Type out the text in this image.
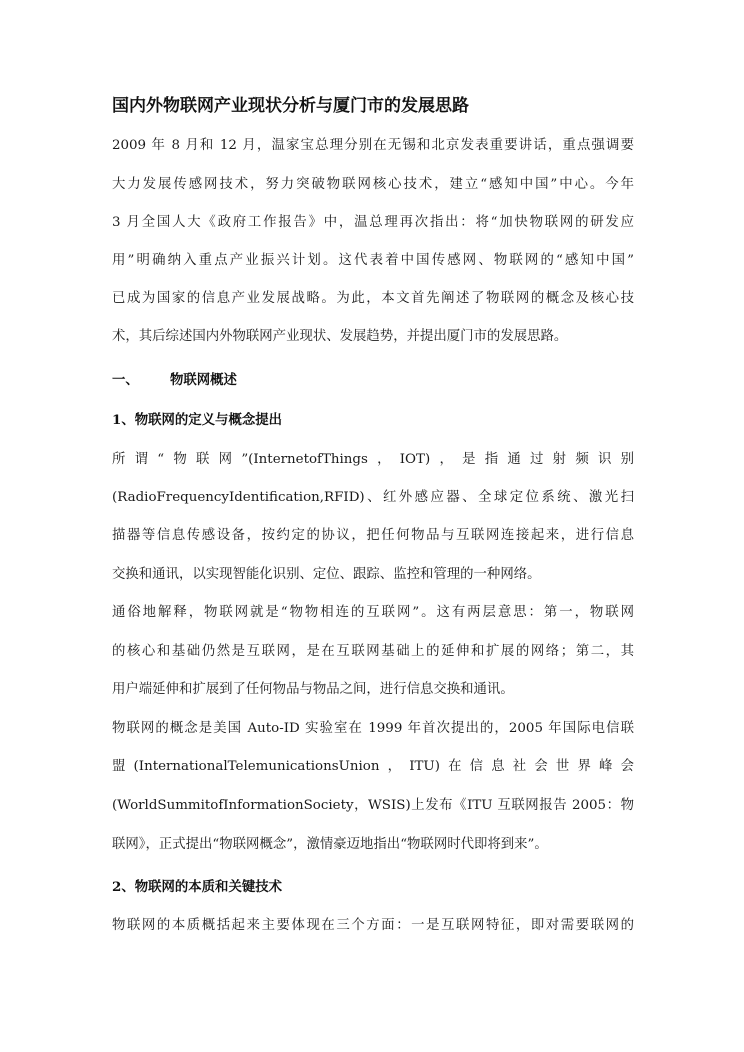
国内外物联网产业现状分析与厦门市的发展思路
2009 年 8 月和 12 月，温家宝总理分别在无锡和北京发表重要讲话，重点强调要
大力发展传感网技术，努力突破物联网核心技术，建立“感知中国”中心。今年
3 月全国人大《政府工作报告》中，温总理再次指出：将“加快物联网的研发应
用”明确纳入重点产业振兴计划。这代表着中国传感网、物联网的“感知中国”
已成为国家的信息产业发展战略。为此，本文首先阐述了物联网的概念及核心技
术，其后综述国内外物联网产业现状、发展趋势，并提出厦门市的发展思路。
一、 物联网概述
1、物联网的定义与概念提出
所谓“物联网”(InternetofThings，IOT)，是指通过射频识别
(RadioFrequencyIdentification,RFID)、红外感应器、全球定位系统、激光扫
描器等信息传感设备，按约定的协议，把任何物品与互联网连接起来，进行信息
交换和通讯，以实现智能化识别、定位、跟踪、监控和管理的一种网络。
通俗地解释，物联网就是“物物相连的互联网”。这有两层意思：第一，物联网
的核心和基础仍然是互联网，是在互联网基础上的延伸和扩展的网络；第二，其
用户端延伸和扩展到了任何物品与物品之间，进行信息交换和通讯。
物联网的概念是美国 Auto-ID 实验室在 1999 年首次提出的，2005 年国际电信联
盟(InternationalTelemunicationsUnion，ITU)在信息社会世界峰会
(WorldSummitofInformationSociety，WSIS)上发布《ITU 互联网报告 2005：物
联网》，正式提出“物联网概念”，激情豪迈地指出“物联网时代即将到来”。
2、物联网的本质和关键技术
物联网的本质概括起来主要体现在三个方面：一是互联网特征，即对需要联网的
